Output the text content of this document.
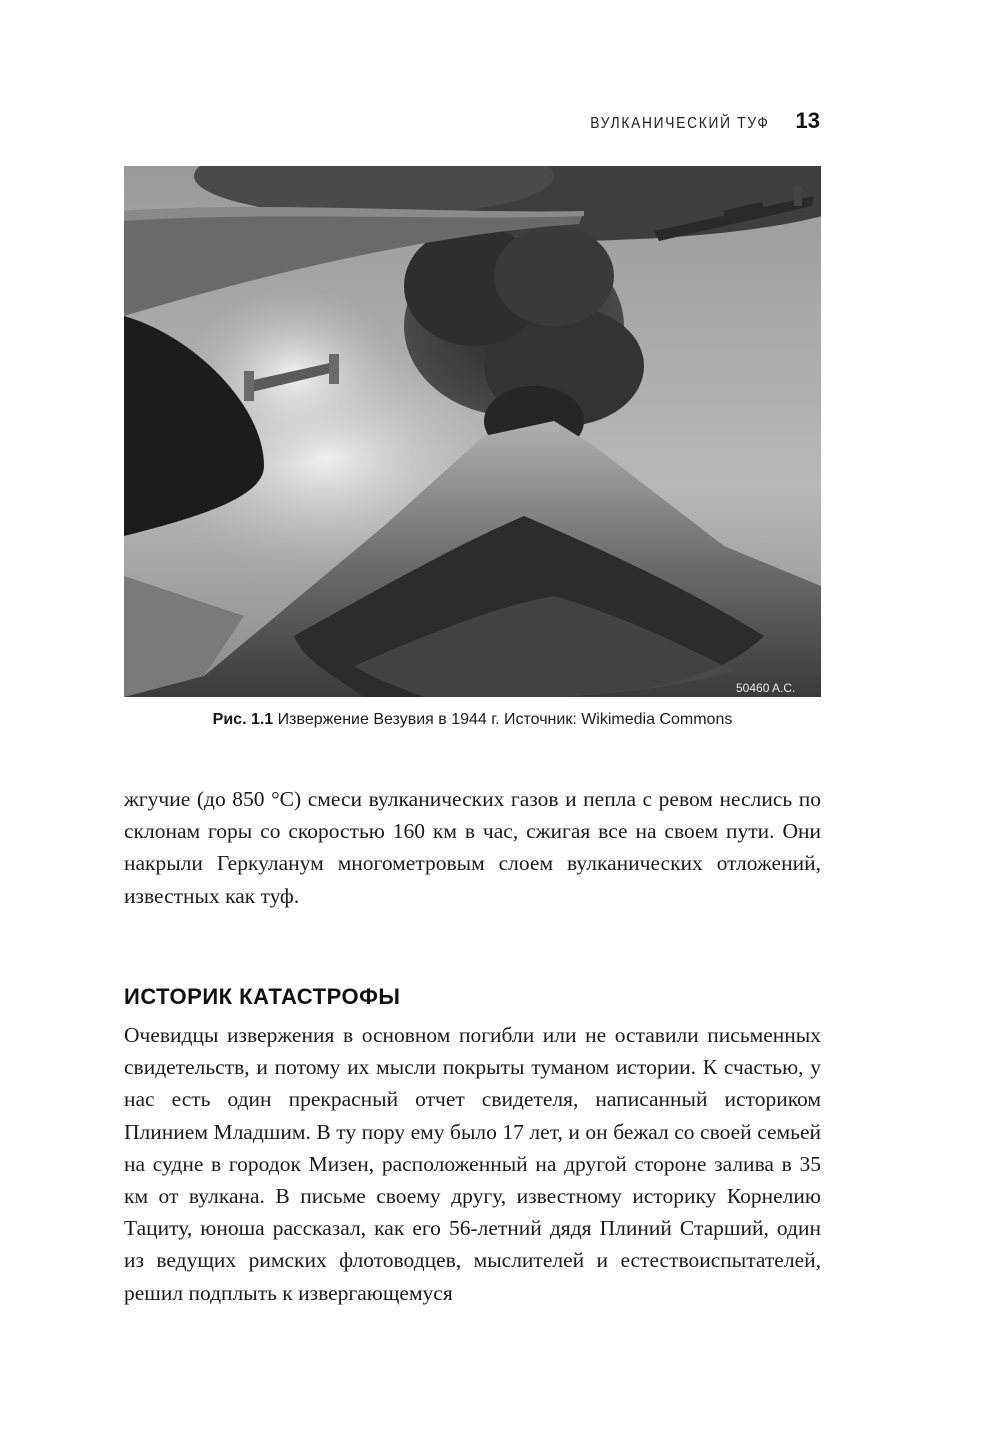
ВУЛКАНИЧЕСКИЙ ТУФ 13
50460 A.C.
Рис. 1.1 Извержение Везувия в 1944 г. Источник: Wikimedia Commons

жгучие (до 850 °С) смеси вулканических газов и пепла с ревом неслись по склонам горы со скоростью 160 км в час, сжигая все на своем пути. Они накрыли Геркуланум многометровым слоем вулканических отложений, известных как туф.

ИСТОРИК КАТАСТРОФЫ

Очевидцы извержения в основном погибли или не оставили письменных свидетельств, и потому их мысли покрыты туманом истории. К счастью, у нас есть один прекрасный отчет свидетеля, написанный историком Плинием Младшим. В ту пору ему было 17 лет, и он бежал со своей семьей на судне в городок Мизен, расположенный на другой стороне залива в 35 км от вулкана. В письме своему другу, известному историку Корнелию Тациту, юноша рассказал, как его 56-летний дядя Плиний Старший, один из ведущих римских флотоводцев, мыслителей и естествоиспытателей, решил подплыть к извергающемуся
